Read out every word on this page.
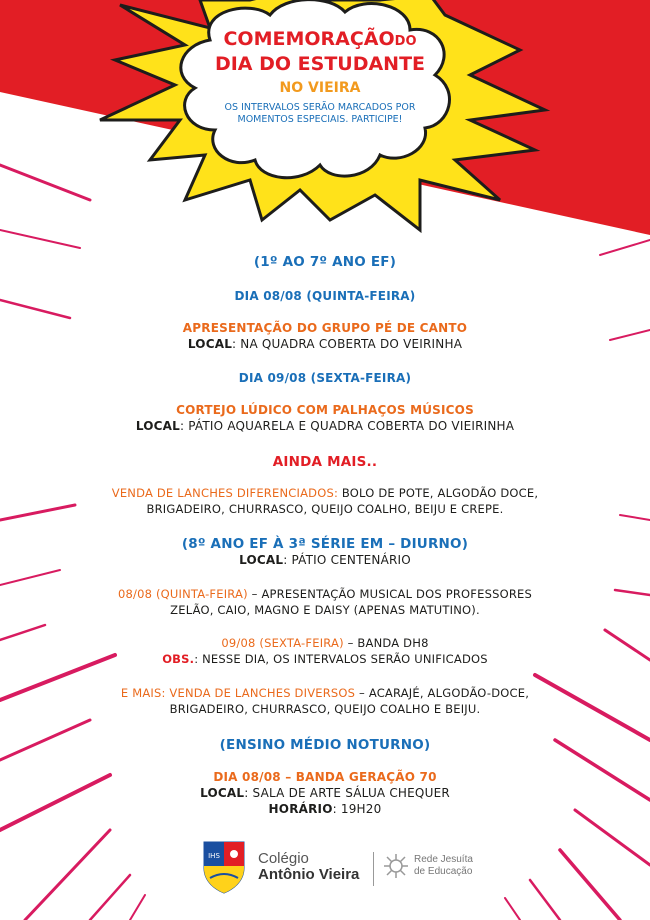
COMEMORAÇÃODO
DIA DO ESTUDANTE
NO VIEIRA
OS INTERVALOS SERÃO MARCADOS POR MOMENTOS ESPECIAIS. PARTICIPE!
(1º AO 7º ANO EF)
DIA 08/08 (QUINTA-FEIRA)
APRESENTAÇÃO DO GRUPO PÉ DE CANTO
LOCAL: NA QUADRA COBERTA DO VEIRINHA
DIA 09/08 (SEXTA-FEIRA)
CORTEJO LÚDICO COM PALHAÇOS MÚSICOS
LOCAL: PÁTIO AQUARELA E QUADRA COBERTA DO VIEIRINHA
AINDA MAIS..
VENDA DE LANCHES DIFERENCIADOS: BOLO DE POTE, ALGODÃO DOCE,
BRIGADEIRO, CHURRASCO, QUEIJO COALHO, BEIJU E CREPE.
(8º ANO EF À 3ª SÉRIE EM – DIURNO)
LOCAL: PÁTIO CENTENÁRIO
08/08 (QUINTA-FEIRA) – APRESENTAÇÃO MUSICAL DOS PROFESSORES
ZELÃO, CAIO, MAGNO E DAISY (APENAS MATUTINO).
09/08 (SEXTA-FEIRA) – BANDA DH8
OBS.: NESSE DIA, OS INTERVALOS SERÃO UNIFICADOS
E MAIS: VENDA DE LANCHES DIVERSOS – ACARAJÉ, ALGODÃO-DOCE,
BRIGADEIRO, CHURRASCO, QUEIJO COALHO E BEIJU.
(ENSINO MÉDIO NOTURNO)
DIA 08/08 – BANDA GERAÇÃO 70
LOCAL: SALA DE ARTE SÁLUA CHEQUER
HORÁRIO: 19H20
IHS	Colégio
Antônio Vieira
Rede Jesuíta
de Educação
